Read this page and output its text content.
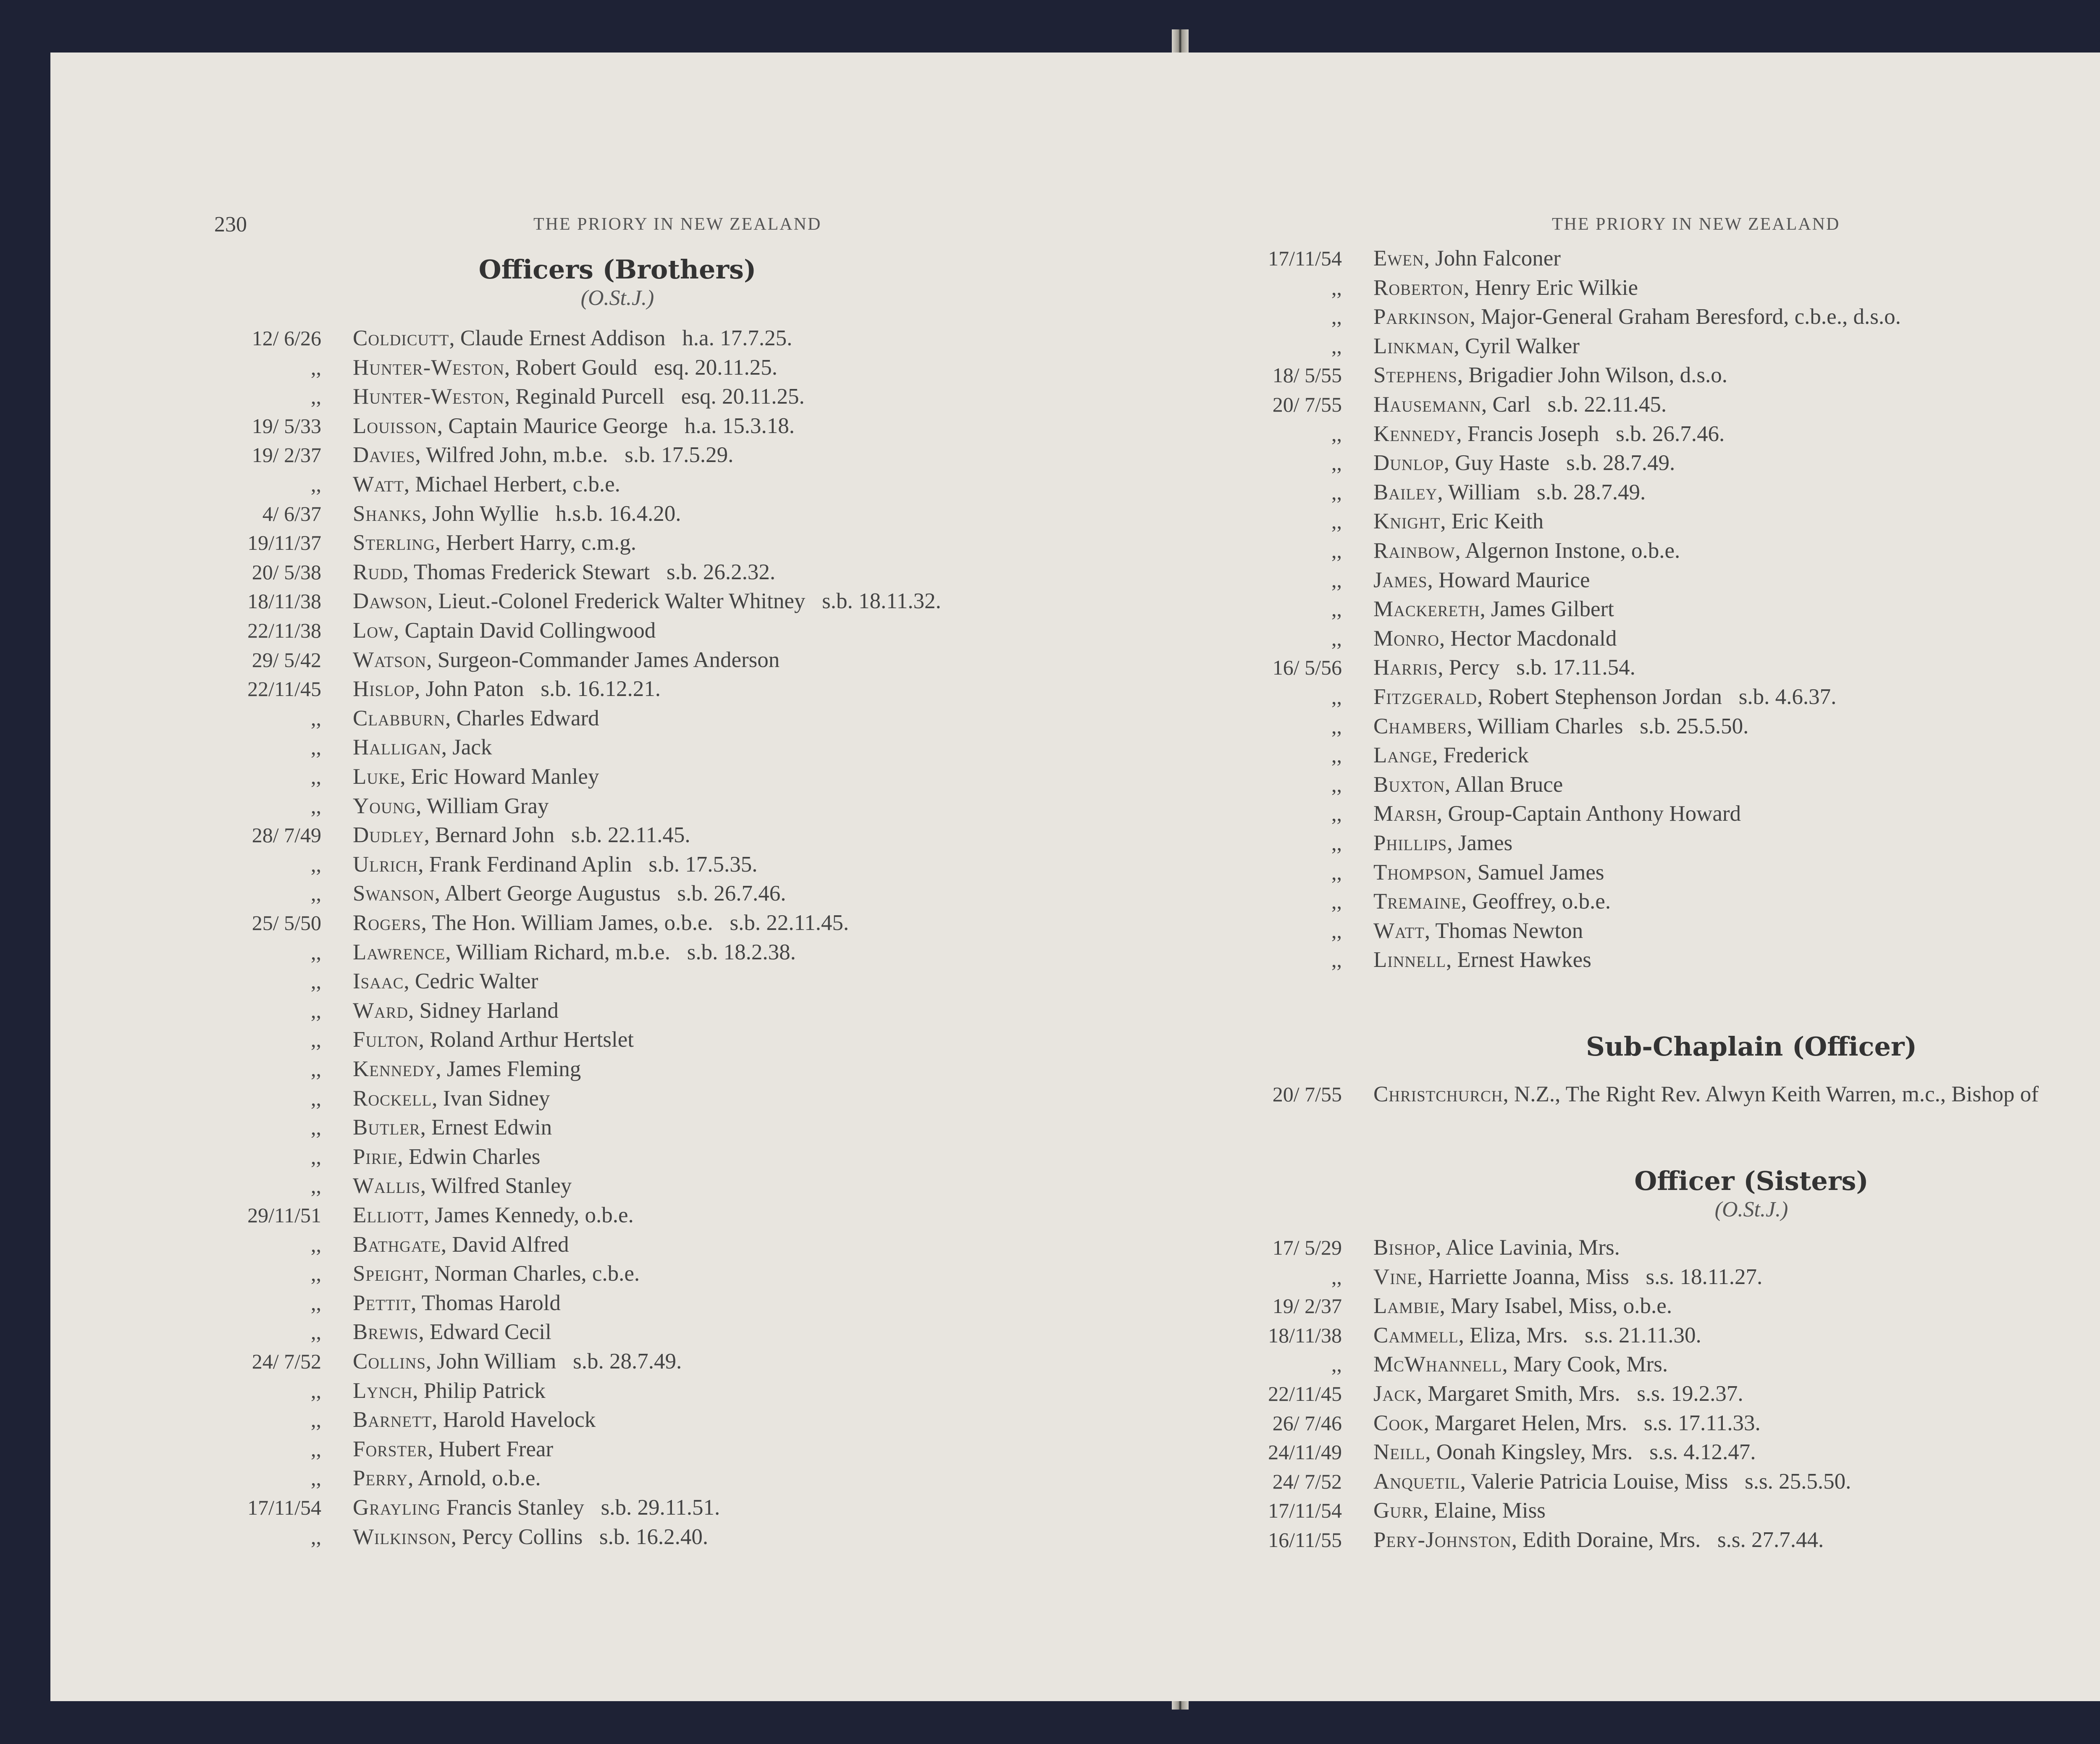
230	THE PRIORY IN NEW ZEALAND
Officers (Brothers)
(O.St.J.)
12/ 6/26 Coldicutt, Claude Ernest Addison   h.a. 17.7.25.
,, Hunter-Weston, Robert Gould   esq. 20.11.25.
,, Hunter-Weston, Reginald Purcell   esq. 20.11.25.
19/ 5/33 Louisson, Captain Maurice George   h.a. 15.3.18.
19/ 2/37 Davies, Wilfred John, m.b.e.   s.b. 17.5.29.
,, Watt, Michael Herbert, c.b.e.
4/ 6/37 Shanks, John Wyllie   h.s.b. 16.4.20.
19/11/37 Sterling, Herbert Harry, c.m.g.
20/ 5/38 Rudd, Thomas Frederick Stewart   s.b. 26.2.32.
18/11/38 Dawson, Lieut.-Colonel Frederick Walter Whitney   s.b. 18.11.32.
22/11/38 Low, Captain David Collingwood
29/ 5/42 Watson, Surgeon-Commander James Anderson
22/11/45 Hislop, John Paton   s.b. 16.12.21.
,, Clabburn, Charles Edward
,, Halligan, Jack
,, Luke, Eric Howard Manley
,, Young, William Gray
28/ 7/49 Dudley, Bernard John   s.b. 22.11.45.
,, Ulrich, Frank Ferdinand Aplin   s.b. 17.5.35.
,, Swanson, Albert George Augustus   s.b. 26.7.46.
25/ 5/50 Rogers, The Hon. William James, o.b.e.   s.b. 22.11.45.
,, Lawrence, William Richard, m.b.e.   s.b. 18.2.38.
,, Isaac, Cedric Walter
,, Ward, Sidney Harland
,, Fulton, Roland Arthur Hertslet
,, Kennedy, James Fleming
,, Rockell, Ivan Sidney
,, Butler, Ernest Edwin
,, Pirie, Edwin Charles
,, Wallis, Wilfred Stanley
29/11/51 Elliott, James Kennedy, o.b.e.
,, Bathgate, David Alfred
,, Speight, Norman Charles, c.b.e.
,, Pettit, Thomas Harold
,, Brewis, Edward Cecil
24/ 7/52 Collins, John William   s.b. 28.7.49.
,, Lynch, Philip Patrick
,, Barnett, Harold Havelock
,, Forster, Hubert Frear
,, Perry, Arnold, o.b.e.
17/11/54 Grayling Francis Stanley   s.b. 29.11.51.
,, Wilkinson, Percy Collins   s.b. 16.2.40.
THE PRIORY IN NEW ZEALAND
17/11/54 Ewen, John Falconer
,, Roberton, Henry Eric Wilkie
,, Parkinson, Major-General Graham Beresford, c.b.e., d.s.o.
,, Linkman, Cyril Walker
18/ 5/55 Stephens, Brigadier John Wilson, d.s.o.
20/ 7/55 Hausemann, Carl   s.b. 22.11.45.
,, Kennedy, Francis Joseph   s.b. 26.7.46.
,, Dunlop, Guy Haste   s.b. 28.7.49.
,, Bailey, William   s.b. 28.7.49.
,, Knight, Eric Keith
,, Rainbow, Algernon Instone, o.b.e.
,, James, Howard Maurice
,, Mackereth, James Gilbert
,, Monro, Hector Macdonald
16/ 5/56 Harris, Percy   s.b. 17.11.54.
,, Fitzgerald, Robert Stephenson Jordan   s.b. 4.6.37.
,, Chambers, William Charles   s.b. 25.5.50.
,, Lange, Frederick
,, Buxton, Allan Bruce
,, Marsh, Group-Captain Anthony Howard
,, Phillips, James
,, Thompson, Samuel James
,, Tremaine, Geoffrey, o.b.e.
,, Watt, Thomas Newton
,, Linnell, Ernest Hawkes
Sub-Chaplain (Officer)
20/ 7/55 Christchurch, N.Z., The Right Rev. Alwyn Keith Warren, m.c., Bishop of
Officer (Sisters)
(O.St.J.)
17/ 5/29 Bishop, Alice Lavinia, Mrs.
,, Vine, Harriette Joanna, Miss   s.s. 18.11.27.
19/ 2/37 Lambie, Mary Isabel, Miss, o.b.e.
18/11/38 Cammell, Eliza, Mrs.   s.s. 21.11.30.
,, McWhannell, Mary Cook, Mrs.
22/11/45 Jack, Margaret Smith, Mrs.   s.s. 19.2.37.
26/ 7/46 Cook, Margaret Helen, Mrs.   s.s. 17.11.33.
24/11/49 Neill, Oonah Kingsley, Mrs.   s.s. 4.12.47.
24/ 7/52 Anquetil, Valerie Patricia Louise, Miss   s.s. 25.5.50.
17/11/54 Gurr, Elaine, Miss
16/11/55 Pery-Johnston, Edith Doraine, Mrs.   s.s. 27.7.44.
